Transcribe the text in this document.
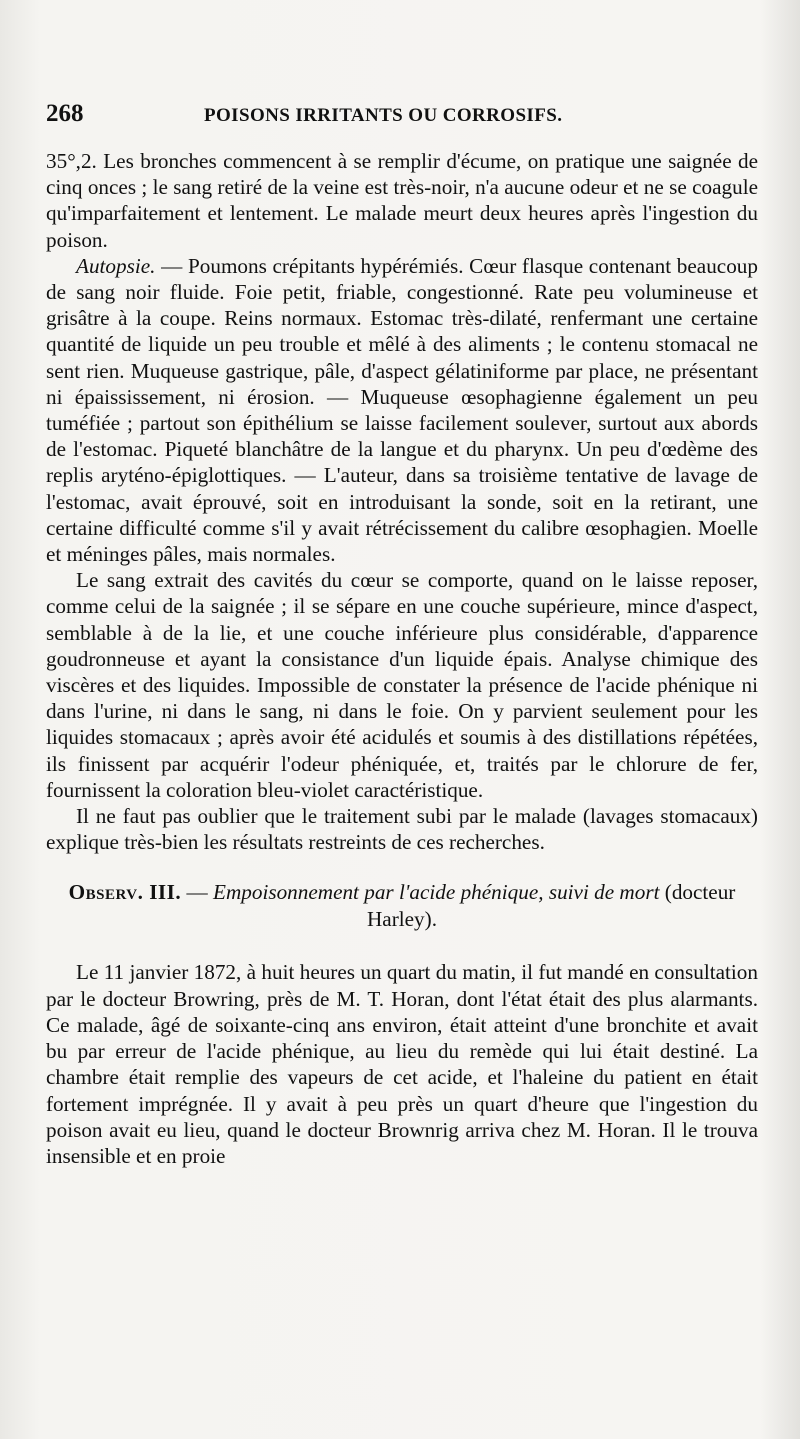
268	POISONS IRRITANTS OU CORROSIFS.

35°,2. Les bronches commencent à se remplir d'écume, on pratique une saignée de cinq onces ; le sang retiré de la veine est très-noir, n'a aucune odeur et ne se coagule qu'imparfaitement et lentement. Le malade meurt deux heures après l'ingestion du poison.

Autopsie. — Poumons crépitants hypérémiés. Cœur flasque contenant beaucoup de sang noir fluide. Foie petit, friable, congestionné. Rate peu volumineuse et grisâtre à la coupe. Reins normaux. Estomac très-dilaté, renfermant une certaine quantité de liquide un peu trouble et mêlé à des aliments ; le contenu stomacal ne sent rien. Muqueuse gastrique, pâle, d'aspect gélatiniforme par place, ne présentant ni épaississement, ni érosion. — Muqueuse œsophagienne également un peu tuméfiée ; partout son épithélium se laisse facilement soulever, surtout aux abords de l'estomac. Piqueté blanchâtre de la langue et du pharynx. Un peu d'œdème des replis aryténo-épiglottiques. — L'auteur, dans sa troisième tentative de lavage de l'estomac, avait éprouvé, soit en introduisant la sonde, soit en la retirant, une certaine difficulté comme s'il y avait rétrécissement du calibre œsophagien. Moelle et méninges pâles, mais normales.

Le sang extrait des cavités du cœur se comporte, quand on le laisse reposer, comme celui de la saignée ; il se sépare en une couche supérieure, mince d'aspect, semblable à de la lie, et une couche inférieure plus considérable, d'apparence goudronneuse et ayant la consistance d'un liquide épais. Analyse chimique des viscères et des liquides. Impossible de constater la présence de l'acide phénique ni dans l'urine, ni dans le sang, ni dans le foie. On y parvient seulement pour les liquides stomacaux ; après avoir été acidulés et soumis à des distillations répétées, ils finissent par acquérir l'odeur phéniquée, et, traités par le chlorure de fer, fournissent la coloration bleu-violet caractéristique.

Il ne faut pas oublier que le traitement subi par le malade (lavages stomacaux) explique très-bien les résultats restreints de ces recherches.

Observ. III. — Empoisonnement par l'acide phénique, suivi de mort (docteur Harley).

Le 11 janvier 1872, à huit heures un quart du matin, il fut mandé en consultation par le docteur Browring, près de M. T. Horan, dont l'état était des plus alarmants. Ce malade, âgé de soixante-cinq ans environ, était atteint d'une bronchite et avait bu par erreur de l'acide phénique, au lieu du remède qui lui était destiné. La chambre était remplie des vapeurs de cet acide, et l'haleine du patient en était fortement imprégnée. Il y avait à peu près un quart d'heure que l'ingestion du poison avait eu lieu, quand le docteur Brownrig arriva chez M. Horan. Il le trouva insensible et en proie
